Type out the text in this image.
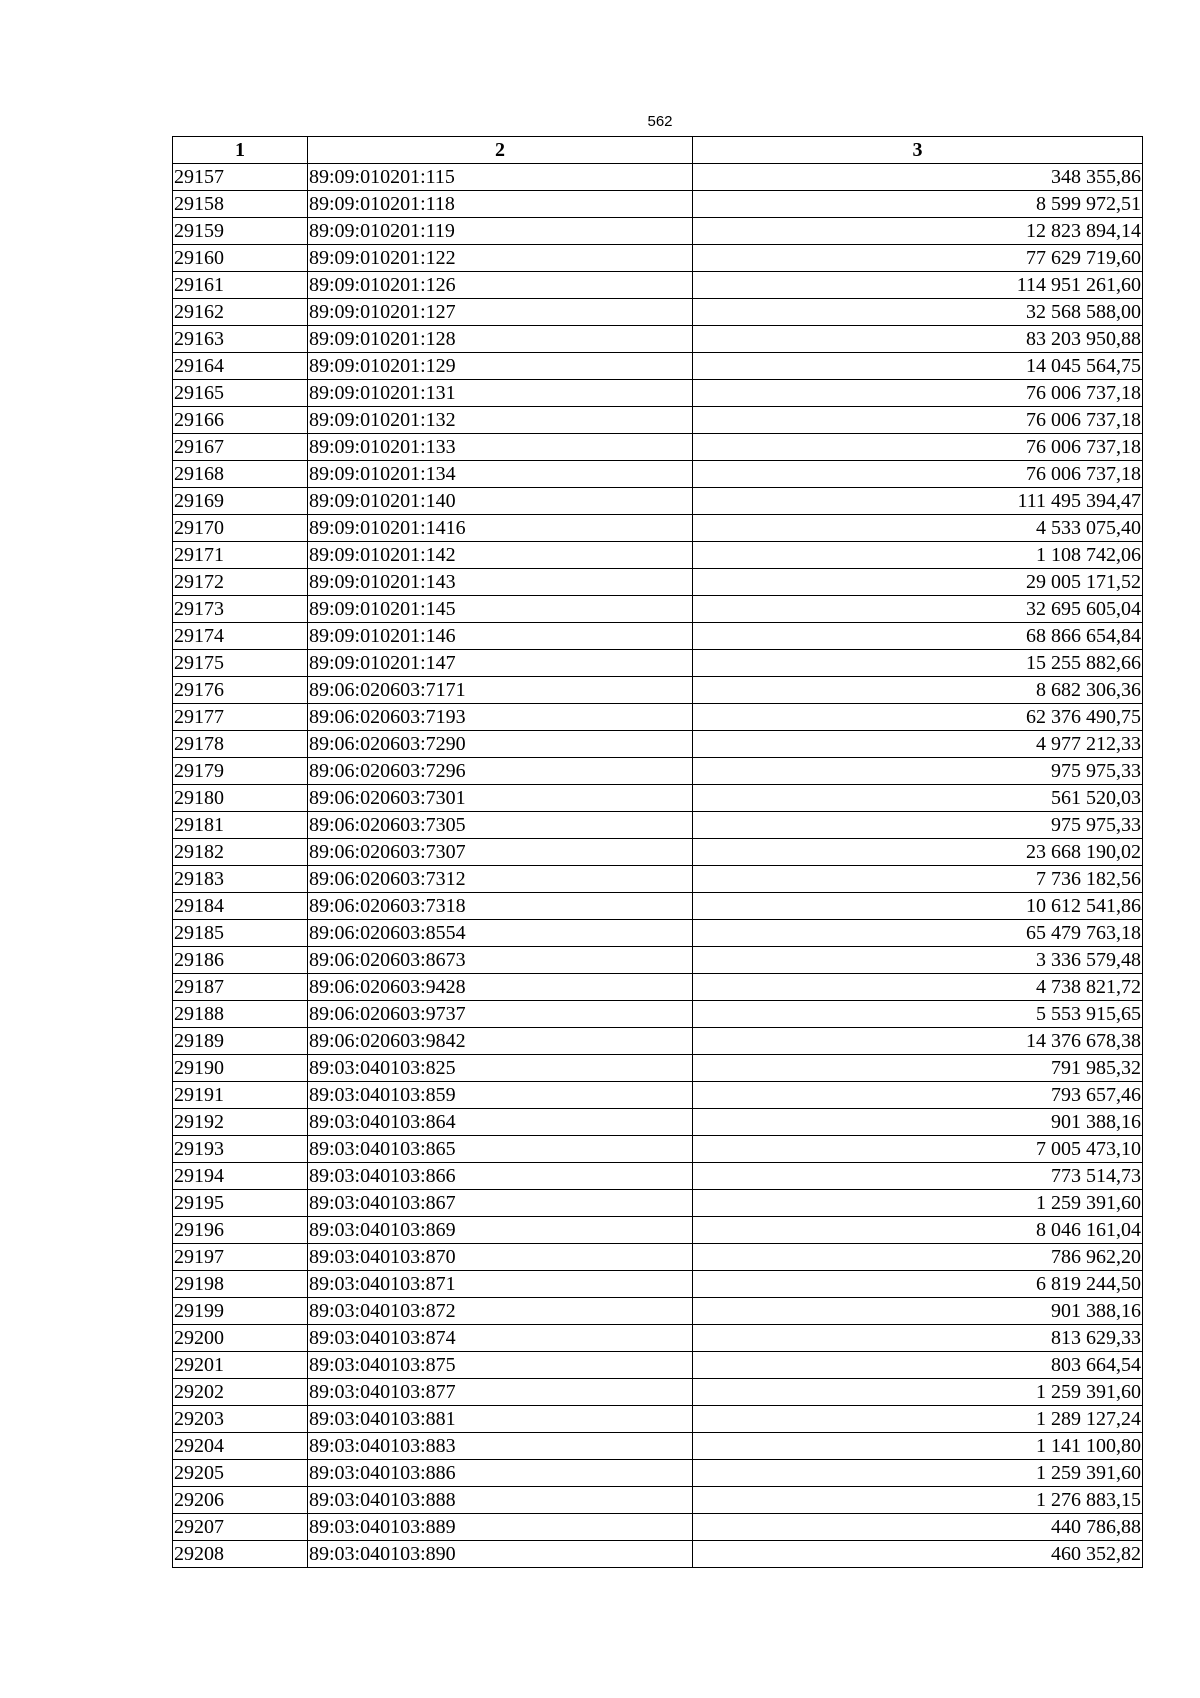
562
1	2	3
29157	89:09:010201:115	348 355,86
29158	89:09:010201:118	8 599 972,51
29159	89:09:010201:119	12 823 894,14
29160	89:09:010201:122	77 629 719,60
29161	89:09:010201:126	114 951 261,60
29162	89:09:010201:127	32 568 588,00
29163	89:09:010201:128	83 203 950,88
29164	89:09:010201:129	14 045 564,75
29165	89:09:010201:131	76 006 737,18
29166	89:09:010201:132	76 006 737,18
29167	89:09:010201:133	76 006 737,18
29168	89:09:010201:134	76 006 737,18
29169	89:09:010201:140	111 495 394,47
29170	89:09:010201:1416	4 533 075,40
29171	89:09:010201:142	1 108 742,06
29172	89:09:010201:143	29 005 171,52
29173	89:09:010201:145	32 695 605,04
29174	89:09:010201:146	68 866 654,84
29175	89:09:010201:147	15 255 882,66
29176	89:06:020603:7171	8 682 306,36
29177	89:06:020603:7193	62 376 490,75
29178	89:06:020603:7290	4 977 212,33
29179	89:06:020603:7296	975 975,33
29180	89:06:020603:7301	561 520,03
29181	89:06:020603:7305	975 975,33
29182	89:06:020603:7307	23 668 190,02
29183	89:06:020603:7312	7 736 182,56
29184	89:06:020603:7318	10 612 541,86
29185	89:06:020603:8554	65 479 763,18
29186	89:06:020603:8673	3 336 579,48
29187	89:06:020603:9428	4 738 821,72
29188	89:06:020603:9737	5 553 915,65
29189	89:06:020603:9842	14 376 678,38
29190	89:03:040103:825	791 985,32
29191	89:03:040103:859	793 657,46
29192	89:03:040103:864	901 388,16
29193	89:03:040103:865	7 005 473,10
29194	89:03:040103:866	773 514,73
29195	89:03:040103:867	1 259 391,60
29196	89:03:040103:869	8 046 161,04
29197	89:03:040103:870	786 962,20
29198	89:03:040103:871	6 819 244,50
29199	89:03:040103:872	901 388,16
29200	89:03:040103:874	813 629,33
29201	89:03:040103:875	803 664,54
29202	89:03:040103:877	1 259 391,60
29203	89:03:040103:881	1 289 127,24
29204	89:03:040103:883	1 141 100,80
29205	89:03:040103:886	1 259 391,60
29206	89:03:040103:888	1 276 883,15
29207	89:03:040103:889	440 786,88
29208	89:03:040103:890	460 352,82
